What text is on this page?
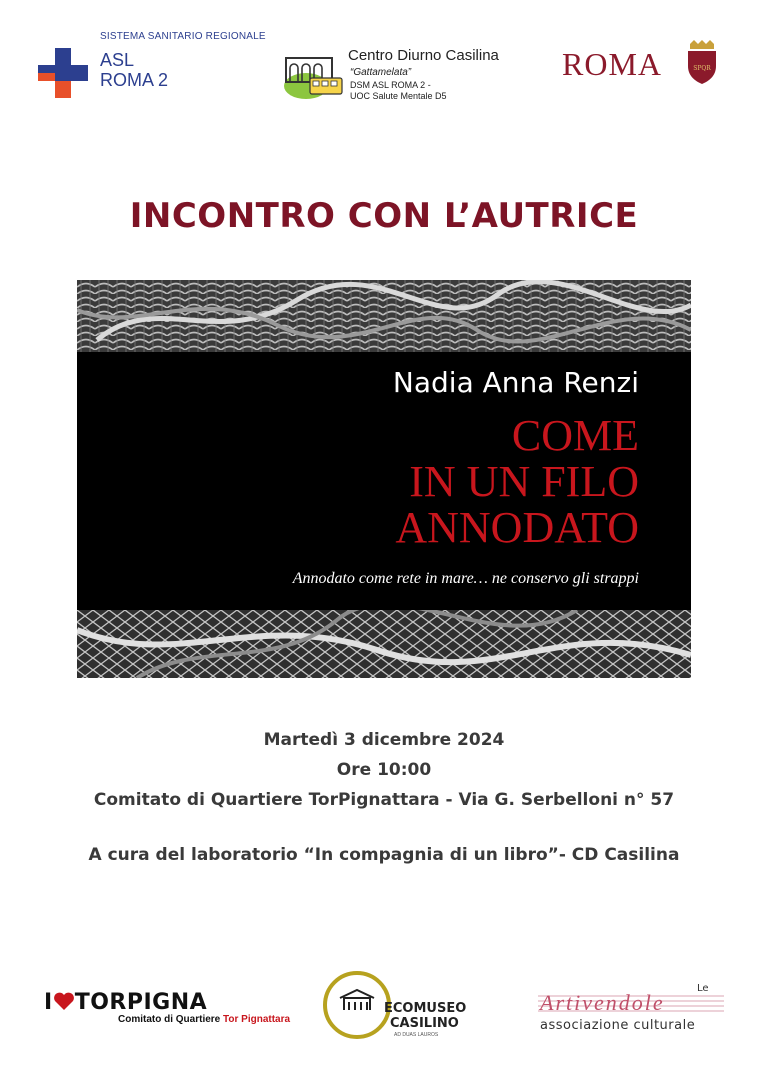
SISTEMA SANITARIO REGIONALE
ASL
ROMA 2
Centro Diurno Casilina
“Gattamelata”
DSM ASL ROMA 2 -
UOC Salute Mentale D5
ROMA	SPQR
INCONTRO CON L’AUTRICE
Nadia Anna Renzi
COME
IN UN FILO
ANNODATO
Annodato come rete in mare… ne conservo gli strappi
Martedì 3 dicembre 2024
Ore 10:00
Comitato di Quartiere TorPignattara - Via G. Serbelloni n° 57
A cura del laboratorio “In compagnia di un libro”- CD Casilina
I TORPIGNA
Comitato di Quartiere Tor Pignattara
ECOMUSEO
CASILINO
AD DUAS LAUROS
Le
Artivendole
associazione culturale
